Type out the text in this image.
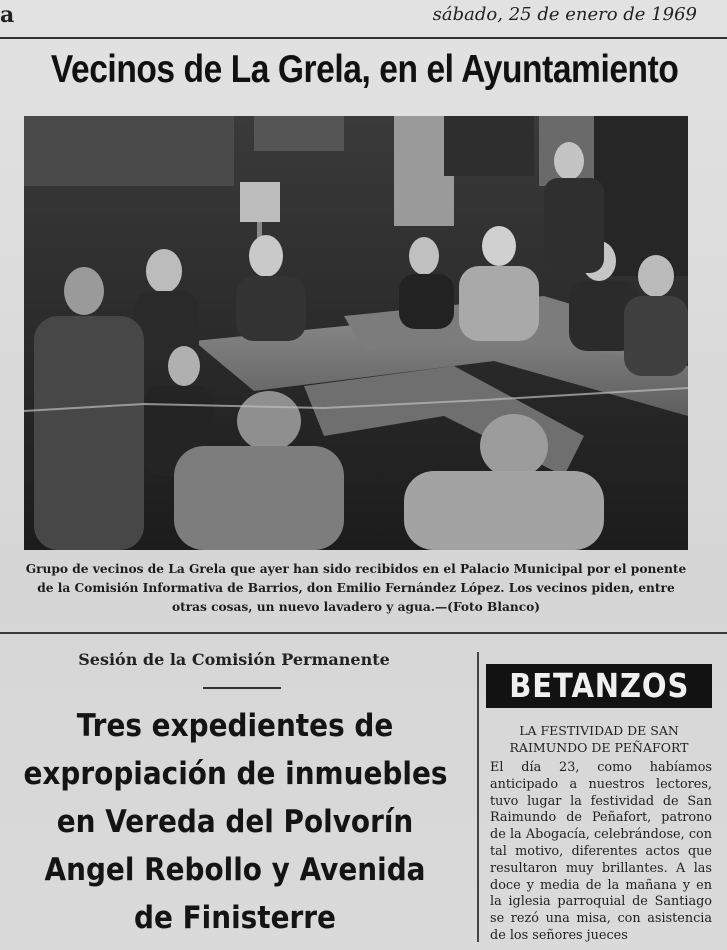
a	sábado, 25 de enero de 1969
Vecinos de La Grela, en el Ayuntamiento
Grupo de vecinos de La Grela que ayer han sido recibidos en el Palacio Municipal por el ponente de la Comisión Informativa de Barrios, don Emilio Fernández López. Los vecinos piden, entre otras cosas, un nuevo lavadero y agua.—(Foto Blanco)
Sesión de la Comisión Permanente
Tres expedientes de
expropiación de inmuebles
en Vereda del Polvorín
Angel Rebollo y Avenida
de Finisterre
BETANZOS
LA FESTIVIDAD DE SAN RAIMUNDO DE PEÑAFORT
El día 23, como habíamos anticipado a nuestros lectores, tuvo lugar la festividad de San Raimundo de Peñafort, patrono de la Abogacía, celebrándose, con tal motivo, diferentes actos que resultaron muy brillantes. A las doce y media de la mañana y en la iglesia parroquial de Santiago se rezó una misa, con asistencia de los señores jueces
